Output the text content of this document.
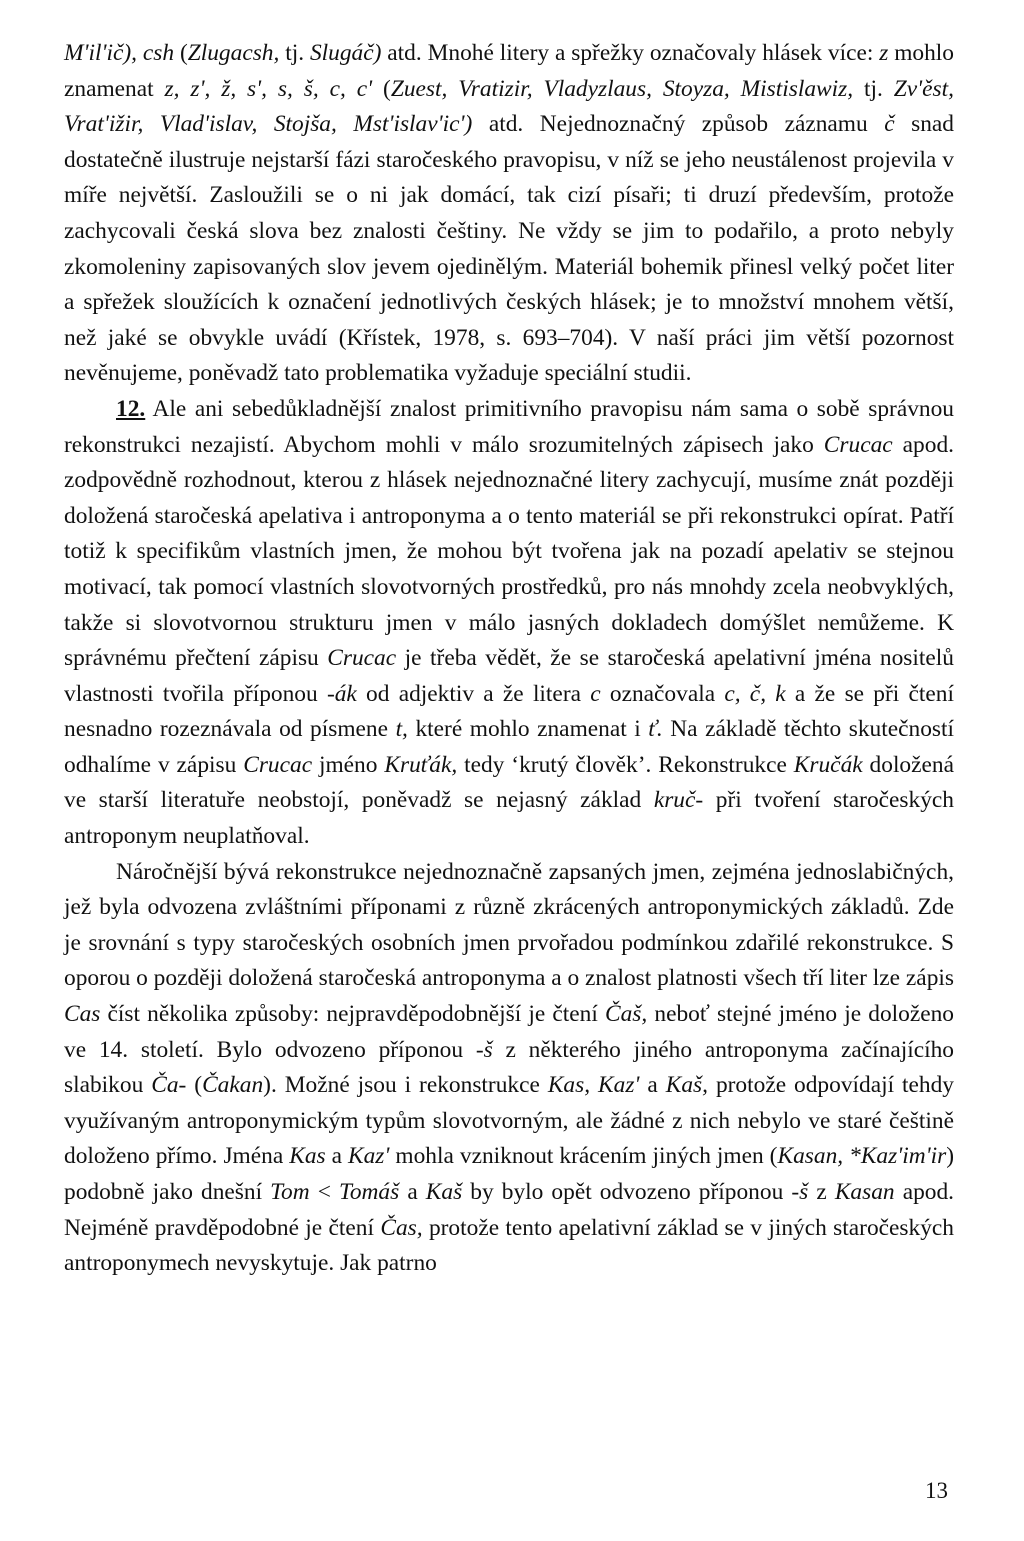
M'il'ič), csh (Zlugacsh, tj. Slugáč) atd. Mnohé litery a spřežky označovaly hlásek více: z mohlo znamenat z, z', ž, s', s, š, c, c' (Zuest, Vratizir, Vladyzlaus, Stoyza, Mistislawiz, tj. Zv'ěst, Vrat'ižir, Vlad'islav, Stojša, Mst'islav'ic') atd. Nejednoznačný způsob záznamu č snad dostatečně ilustruje nejstarší fázi staročeského pravopisu, v níž se jeho neustálenost projevila v míře největší. Zasloužili se o ni jak domácí, tak cizí písaři; ti druzí především, protože zachycovali česká slova bez znalosti češtiny. Ne vždy se jim to podařilo, a proto nebyly zkomoleniny zapisovaných slov jevem ojedinělým. Materiál bohemik přinesl velký počet liter a spřežek sloužících k označení jednotlivých českých hlásek; je to množství mnohem větší, než jaké se obvykle uvádí (Křístek, 1978, s. 693–704). V naší práci jim větší pozornost nevěnujeme, poněvadž tato problematika vyžaduje speciální studii.

12. Ale ani sebedůkladnější znalost primitivního pravopisu nám sama o sobě správnou rekonstrukci nezajistí. Abychom mohli v málo srozumitelných zápisech jako Crucac apod. zodpovědně rozhodnout, kterou z hlásek nejednoznačné litery zachycují, musíme znát později doložená staročeská apelativa i antroponyma a o tento materiál se při rekonstrukci opírat. Patří totiž k specifikům vlastních jmen, že mohou být tvořena jak na pozadí apelativ se stejnou motivací, tak pomocí vlastních slovotvorných prostředků, pro nás mnohdy zcela neobvyklých, takže si slovotvornou strukturu jmen v málo jasných dokladech domýšlet nemůžeme. K správnému přečtení zápisu Crucac je třeba vědět, že se staročeská apelativní jména nositelů vlastnosti tvořila příponou -ák od adjektiv a že litera c označovala c, č, k a že se při čtení nesnadno rozeznávala od písmene t, které mohlo znamenat i ť. Na základě těchto skutečností odhalíme v zápisu Crucac jméno Kruťák, tedy ‘krutý člověk’. Rekonstrukce Kručák doložená ve starší literatuře neobstojí, poněvadž se nejasný základ kruč- při tvoření staročeských antroponym neuplatňoval.

Náročnější bývá rekonstrukce nejednoznačně zapsaných jmen, zejména jednoslabičných, jež byla odvozena zvláštními příponami z různě zkrácených antroponymických základů. Zde je srovnání s typy staročeských osobních jmen prvořadou podmínkou zdařilé rekonstrukce. S oporou o později doložená staročeská antroponyma a o znalost platnosti všech tří liter lze zápis Cas číst několika způsoby: nejpravděpodobnější je čtení Čaš, neboť stejné jméno je doloženo ve 14. století. Bylo odvozeno příponou -š z některého jiného antroponyma začínajícího slabikou Ča- (Čakan). Možné jsou i rekonstrukce Kas, Kaz' a Kaš, protože odpovídají tehdy využívaným antroponymickým typům slovotvorným, ale žádné z nich nebylo ve staré češtině doloženo přímo. Jména Kas a Kaz' mohla vzniknout krácením jiných jmen (Kasan, *Kaz'im'ir) podobně jako dnešní Tom < Tomáš a Kaš by bylo opět odvozeno příponou -š z Kasan apod. Nejméně pravděpodobné je čtení Čas, protože tento apelativní základ se v jiných staročeských antroponymech nevyskytuje. Jak patrno

13
